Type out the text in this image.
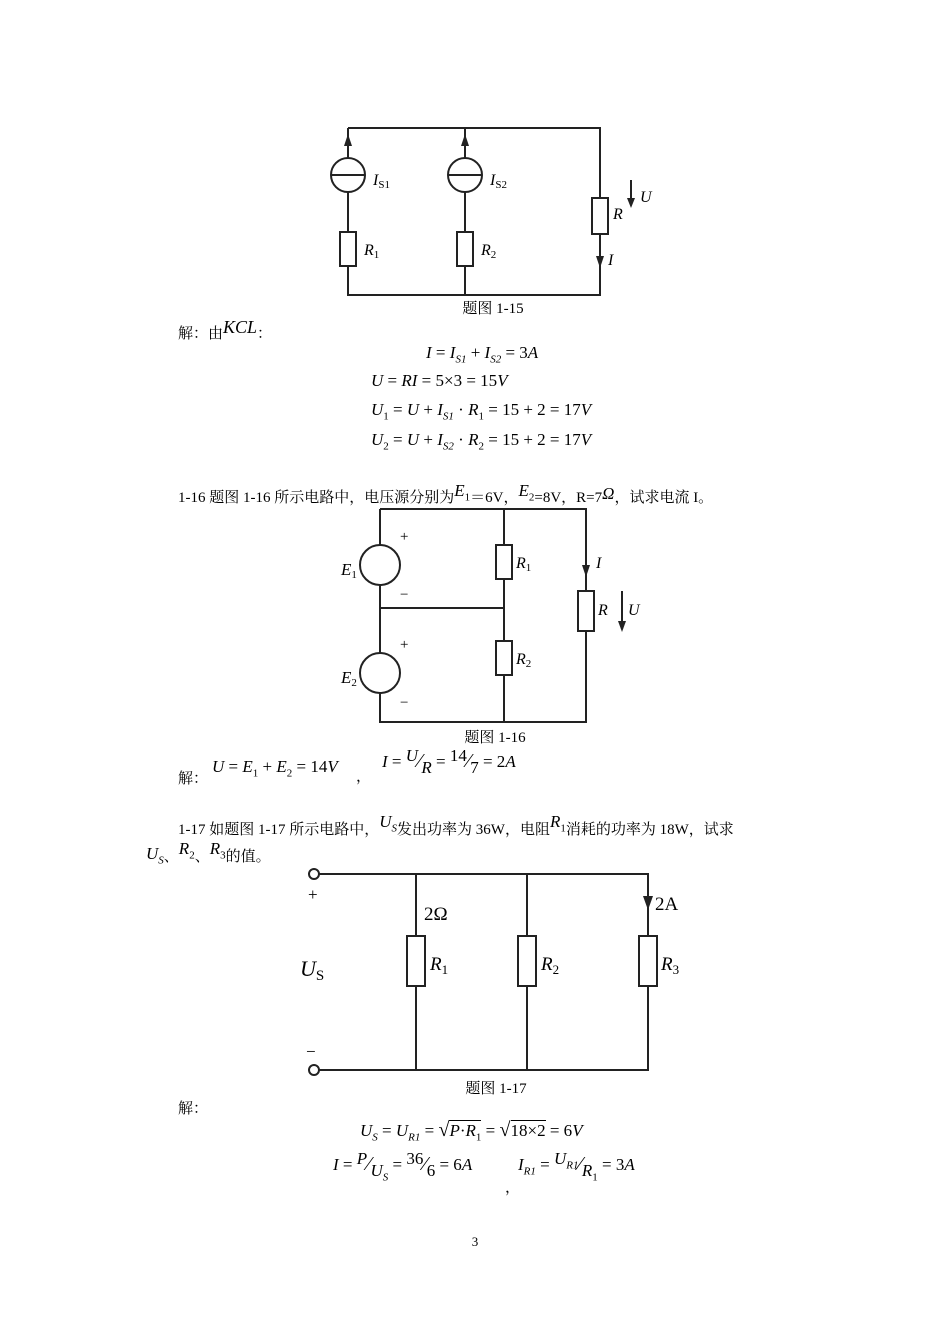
IS1	IS2
R1	R2
R
U
I
题图 1-15
解：由KCL：
$I = I_{S1} + I_{S2} = 3A$
U = RI = 5×3 = 15V
$U_1 = U + I_{S1} \cdot R_1 = 15 + 2 = 17V$
$U_2 = U + I_{S2} \cdot R_2 = 15 + 2 = 17V$
1-16 题图 1-16 所示电路中，电压源分别为$E_1=6V$，$E_2=8V$，R=7Ω，试求电流 I。
+
−
+
−
E1
E2
R1
R2
I
R U
题图 1-16
解：
$U = E_1 + E_2 = 14V$
，
I = U⁄R = 14⁄7 = 2A
1-17 如题图 1-17 所示电路中，$U_S$发出功率为 36W，电阻$R_1$消耗的功率为 18W，试求
$U_S$、$R_2$、$R_3$的值。
+
−
US
2Ω
$R_1$	$R_2$	$R_3$
2A
题图 1-17
解：
$U_S = U_{R1} = √P\cdot R_1 = √18\times 2 = 6V$
$I = P⁄U_S$ = 36⁄6 = 6A
，
$I_{R1}$ = $U_{R1}⁄R_1 = 3A$
3
